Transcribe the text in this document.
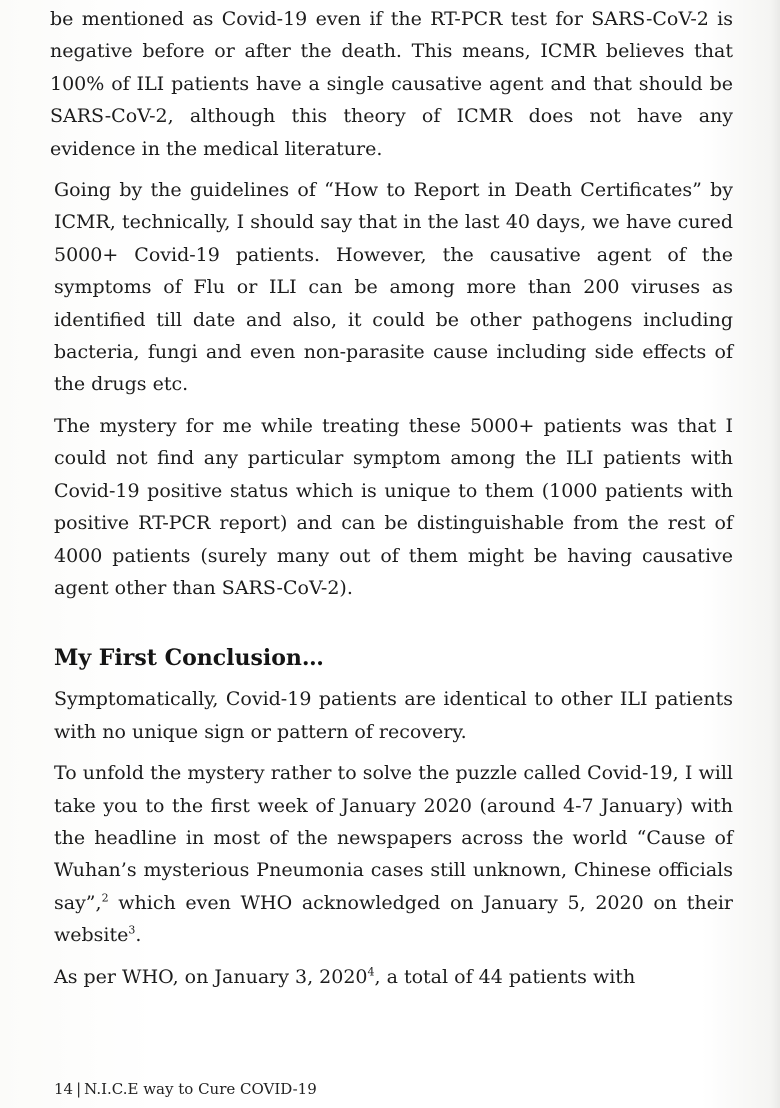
be mentioned as Covid-19 even if the RT-PCR test for SARS-CoV-2 is negative before or after the death. This means, ICMR believes that 100% of ILI patients have a single causative agent and that should be SARS-CoV-2, although this theory of ICMR does not have any evidence in the medical literature.

Going by the guidelines of “How to Report in Death Certificates” by ICMR, technically, I should say that in the last 40 days, we have cured 5000+ Covid-19 patients. However, the causative agent of the symptoms of Flu or ILI can be among more than 200 viruses as identified till date and also, it could be other pathogens including bacteria, fungi and even non-parasite cause including side effects of the drugs etc.

The mystery for me while treating these 5000+ patients was that I could not find any particular symptom among the ILI patients with Covid-19 positive status which is unique to them (1000 patients with positive RT-PCR report) and can be distinguishable from the rest of 4000 patients (surely many out of them might be having causative agent other than SARS-CoV-2).

My First Conclusion…

Symptomatically, Covid-19 patients are identical to other ILI patients with no unique sign or pattern of recovery.

To unfold the mystery rather to solve the puzzle called Covid-19, I will take you to the first week of January 2020 (around 4-7 January) with the headline in most of the newspapers across the world “Cause of Wuhan’s mysterious Pneumonia cases still unknown, Chinese officials say”,$^2$ which even WHO acknowledged on January 5, 2020 on their website$^3$.

As per WHO, on January 3, 2020$^4$, a total of 44 patients with

14 | N.I.C.E way to Cure COVID-19
